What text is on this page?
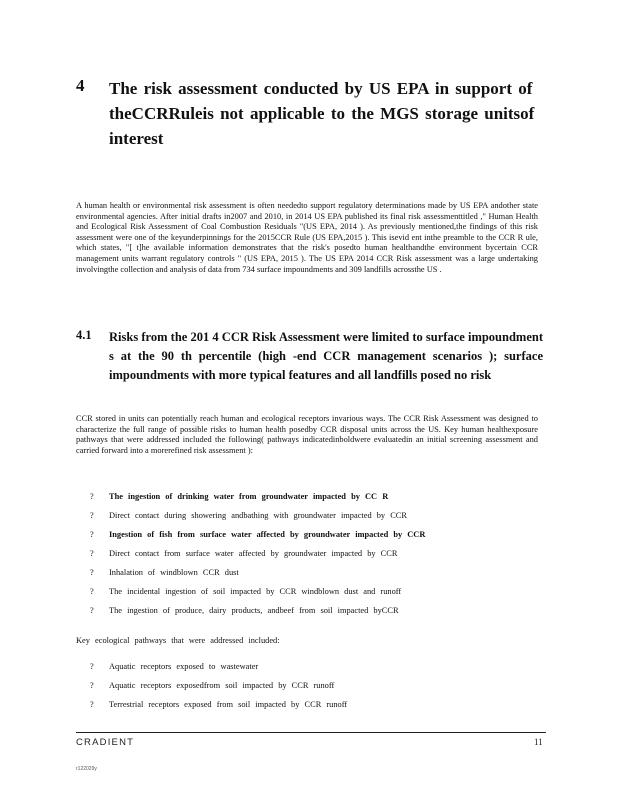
4 The risk assessment conducted by US EPA in support of theCCRRuleis not applicable to the MGS storage unitsof interest
A human health or environmental risk assessment is often neededto support regulatory determinations made by US EPA andother state environmental agencies. After initial drafts in2007 and 2010, in 2014 US EPA published its final risk assessmenttitled ," Human Health and Ecological Risk Assessment of Coal Combustion Residuals "(US EPA, 2014 ). As previously mentioned,the findings of this risk assessment were one of the keyunderpinnings for the 2015CCR Rule (US EPA,2015 ). This isevid ent inthe preamble to the CCR R ule, which states, "[ t]he available information demonstrates that the risk's posedto human healthandthe environment bycertain CCR management units warrant regulatory controls " (US EPA, 2015 ). The US EPA 2014 CCR Risk assessment was a large undertaking involvingthe collection and analysis of data from 734 surface impoundments and 309 landfills acrossthe US .
4.1 Risks from the 201 4 CCR Risk Assessment were limited to surface impoundment s at the 90 th percentile (high -end CCR management scenarios ); surface impoundments with more typical features and all landfills posed no risk
CCR stored in units can potentially reach human and ecological receptors invarious ways. The CCR Risk Assessment was designed to characterize the full range of possible risks to human health posedby CCR disposal units across the US. Key human healthexposure pathways that were addressed included the following( pathways indicatedinboldwere evaluatedin an initial screening assessment and carried forward into a morerefined risk assessment ):
? The ingestion of drinking water from groundwater impacted by CC R
? Direct contact during showering andbathing with groundwater impacted by CCR
? Ingestion of fish from surface water affected by groundwater impacted by CCR
? Direct contact from surface water affected by groundwater impacted by CCR
? Inhalation of windblown CCR dust
? The incidental ingestion of soil impacted by CCR windblown dust and runoff
? The ingestion of produce, dairy products, andbeef from soil impacted byCCR
Key ecological pathways that were addressed included:
? Aquatic receptors exposed to wastewater
? Aquatic receptors exposedfrom soil impacted by CCR runoff
? Terrestrial receptors exposed from soil impacted by CCR runoff
CRADIENT	11
r122029y
